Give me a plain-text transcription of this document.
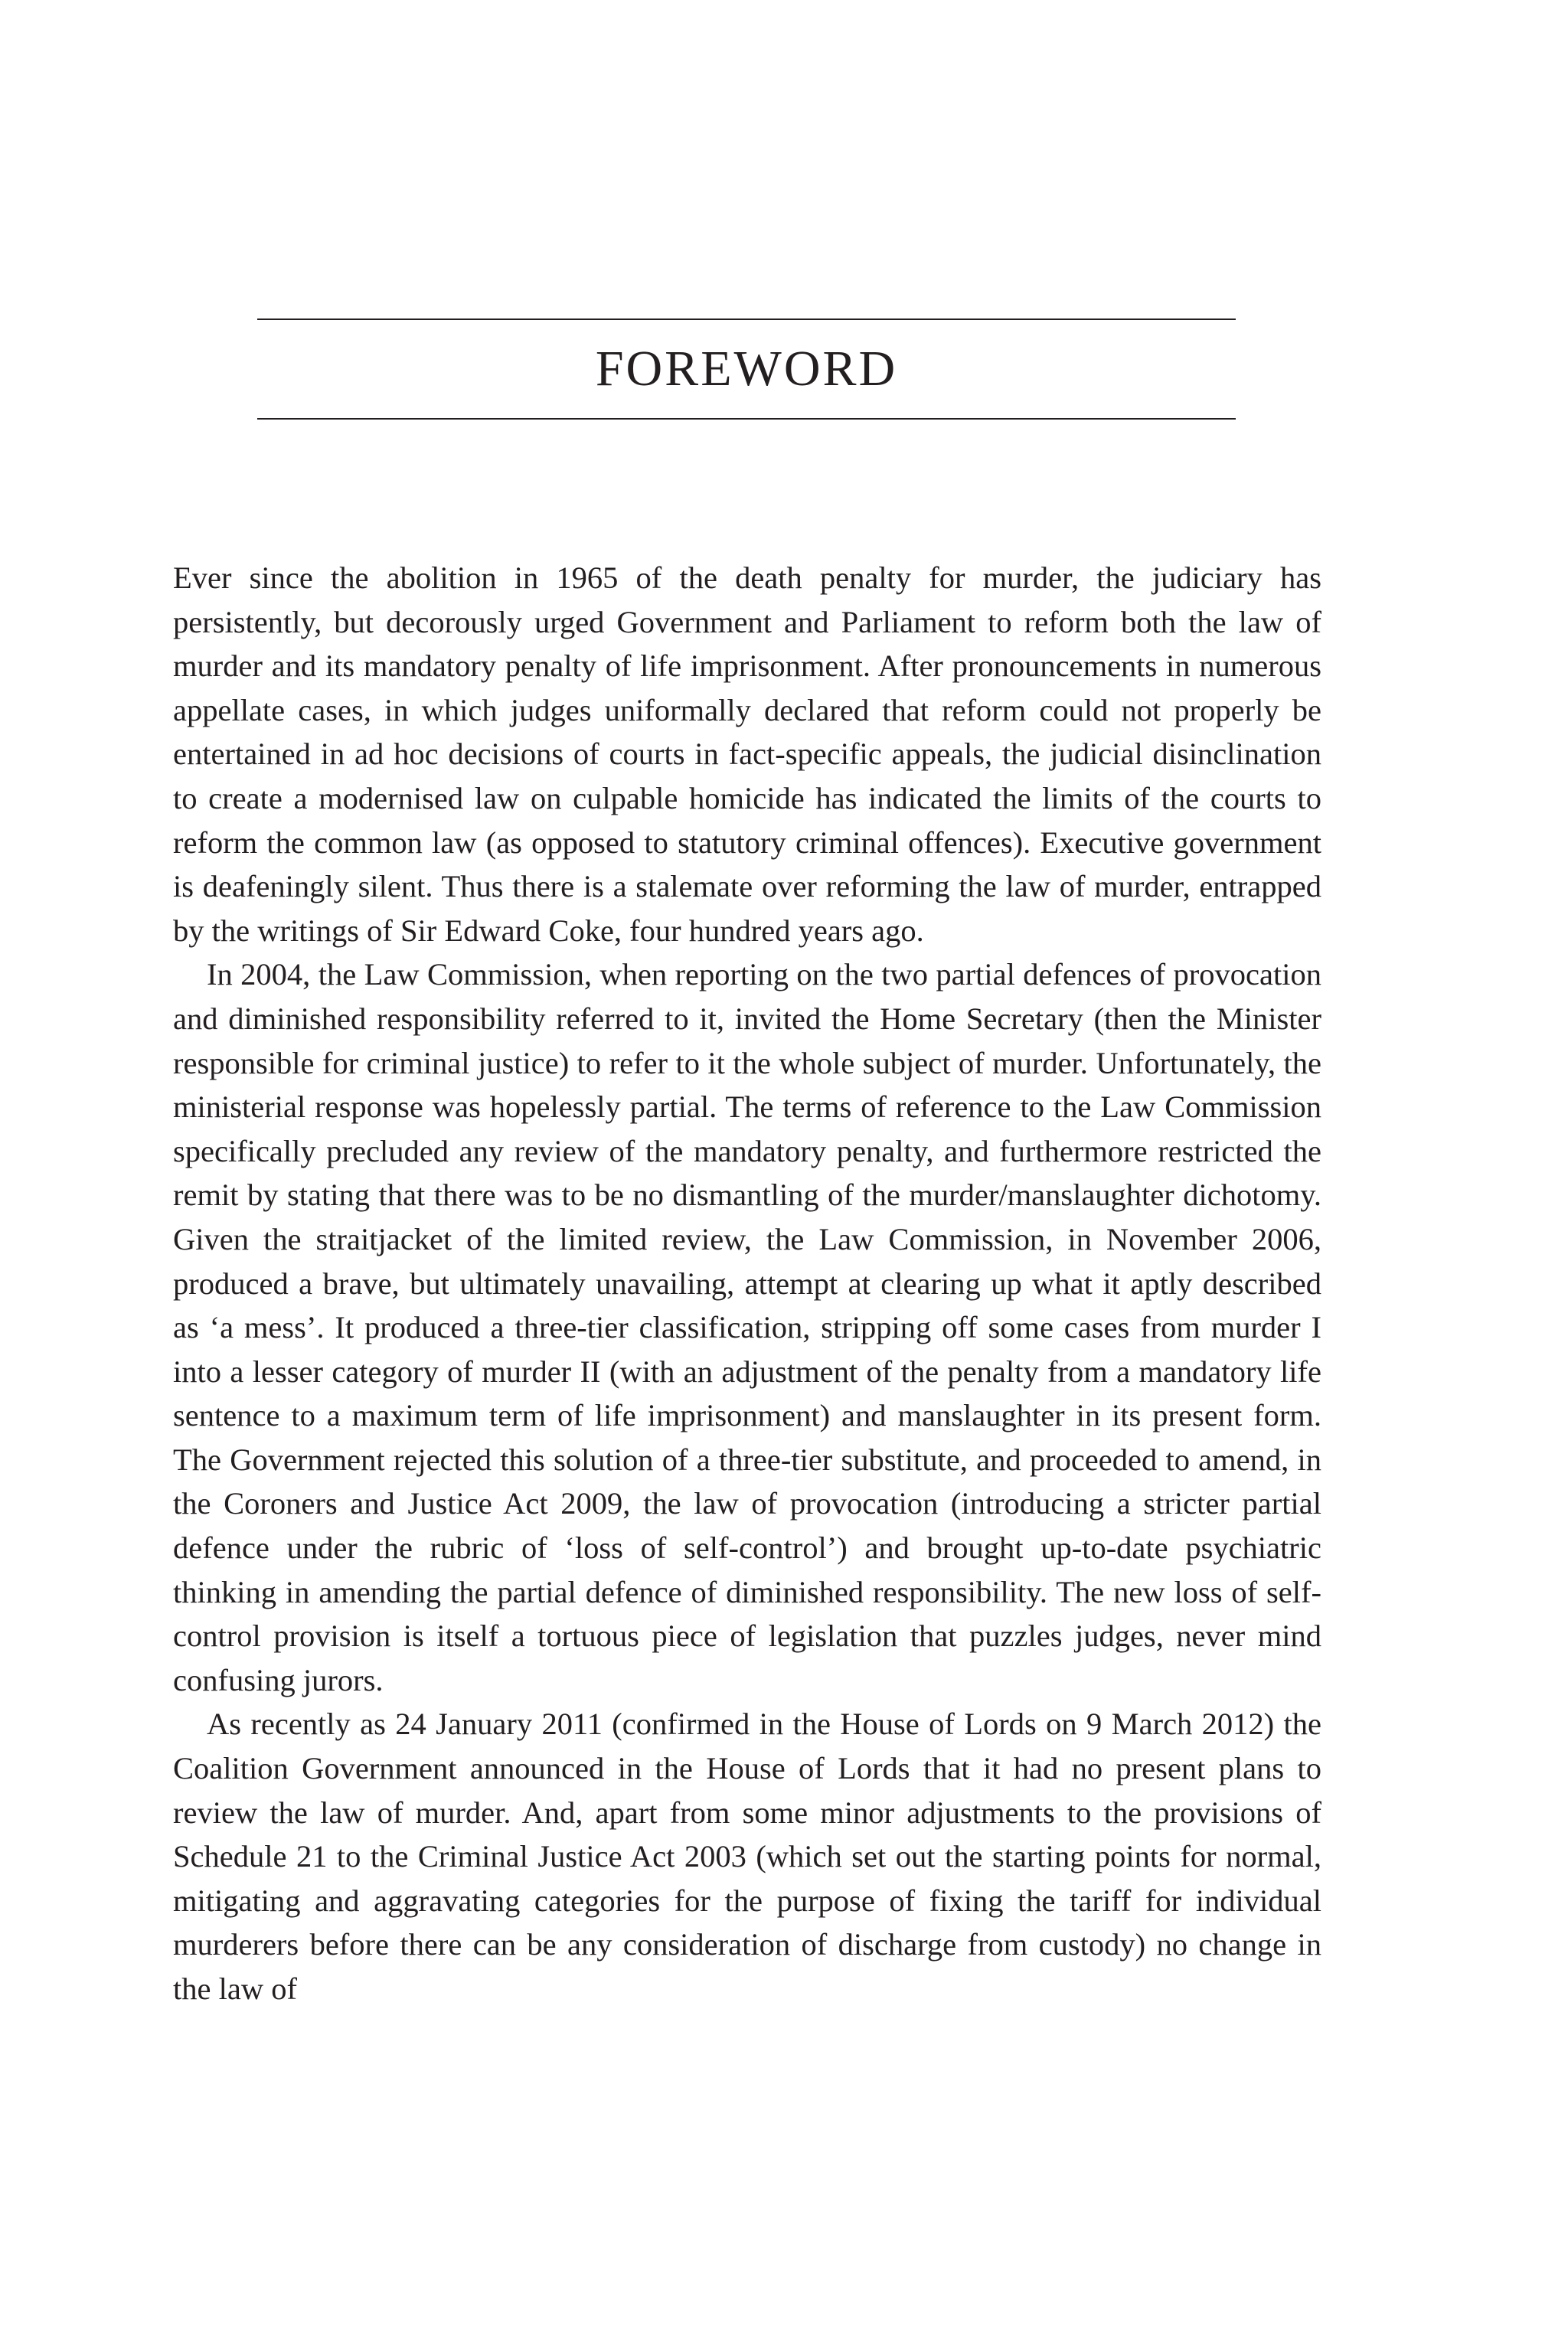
FOREWORD

Ever since the abolition in 1965 of the death penalty for murder, the judiciary has persistently, but decorously urged Government and Parliament to reform both the law of murder and its mandatory penalty of life imprisonment. After pronouncements in numerous appellate cases, in which judges uniformally declared that reform could not properly be entertained in ad hoc decisions of courts in fact-specific appeals, the judicial disinclination to create a modernised law on culpable homicide has indicated the limits of the courts to reform the common law (as opposed to statutory criminal offences). Executive government is deafeningly silent. Thus there is a stalemate over reforming the law of murder, entrapped by the writings of Sir Edward Coke, four hundred years ago.

In 2004, the Law Commission, when reporting on the two partial defences of provocation and diminished responsibility referred to it, invited the Home Secretary (then the Minister responsible for criminal justice) to refer to it the whole subject of murder. Unfortunately, the ministerial response was hopelessly partial. The terms of reference to the Law Commission specifically precluded any review of the mandatory penalty, and furthermore restricted the remit by stating that there was to be no dismantling of the murder/manslaughter dichotomy. Given the straitjacket of the limited review, the Law Commission, in November 2006, produced a brave, but ultimately unavailing, attempt at clearing up what it aptly described as ‘a mess’. It produced a three-tier classification, stripping off some cases from murder I into a lesser category of murder II (with an adjustment of the penalty from a mandatory life sentence to a maximum term of life imprisonment) and manslaughter in its present form. The Government rejected this solution of a three-tier substitute, and proceeded to amend, in the Coroners and Justice Act 2009, the law of provocation (introducing a stricter partial defence under the rubric of ‘loss of self-control’) and brought up-to-date psychiatric thinking in amending the partial defence of diminished responsibility. The new loss of self-control provision is itself a tortuous piece of legislation that puzzles judges, never mind confusing jurors.

As recently as 24 January 2011 (confirmed in the House of Lords on 9 March 2012) the Coalition Government announced in the House of Lords that it had no present plans to review the law of murder. And, apart from some minor adjustments to the provisions of Schedule 21 to the Criminal Justice Act 2003 (which set out the starting points for normal, mitigating and aggravating categories for the purpose of fixing the tariff for individual murderers before there can be any consideration of discharge from custody) no change in the law of
